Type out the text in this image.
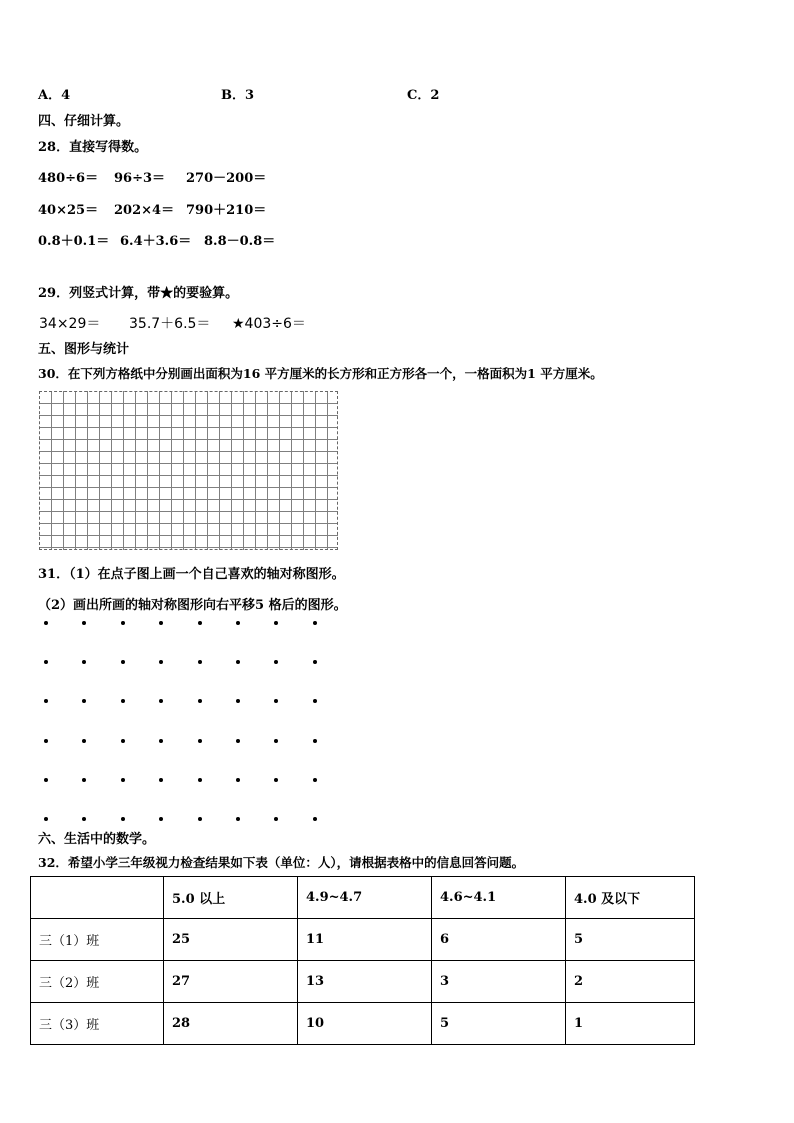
A．4	B．3	C．2
四、仔细计算。
28．直接写得数。
480÷6＝ 96÷3＝ 270－200＝
40×25＝ 202×4＝ 790＋210＝
0.8＋0.1＝ 6.4＋3.6＝ 8.8－0.8＝
29．列竖式计算，带★的要验算。
34×29＝ 35.7＋6.5＝ ★403÷6＝
五、图形与统计
30．在下列方格纸中分别画出面积为16 平方厘米的长方形和正方形各一个，一格面积为1 平方厘米。
31．（1）在点子图上画一个自己喜欢的轴对称图形。
（2）画出所画的轴对称图形向右平移5 格后的图形。
六、生活中的数学。
32．希望小学三年级视力检查结果如下表（单位：人），请根据表格中的信息回答问题。
	5.0 以上	4.9~4.7	4.6~4.1	4.0 及以下
三（1）班	25	11	6	5
三（2）班	27	13	3	2
三（3）班	28	10	5	1
